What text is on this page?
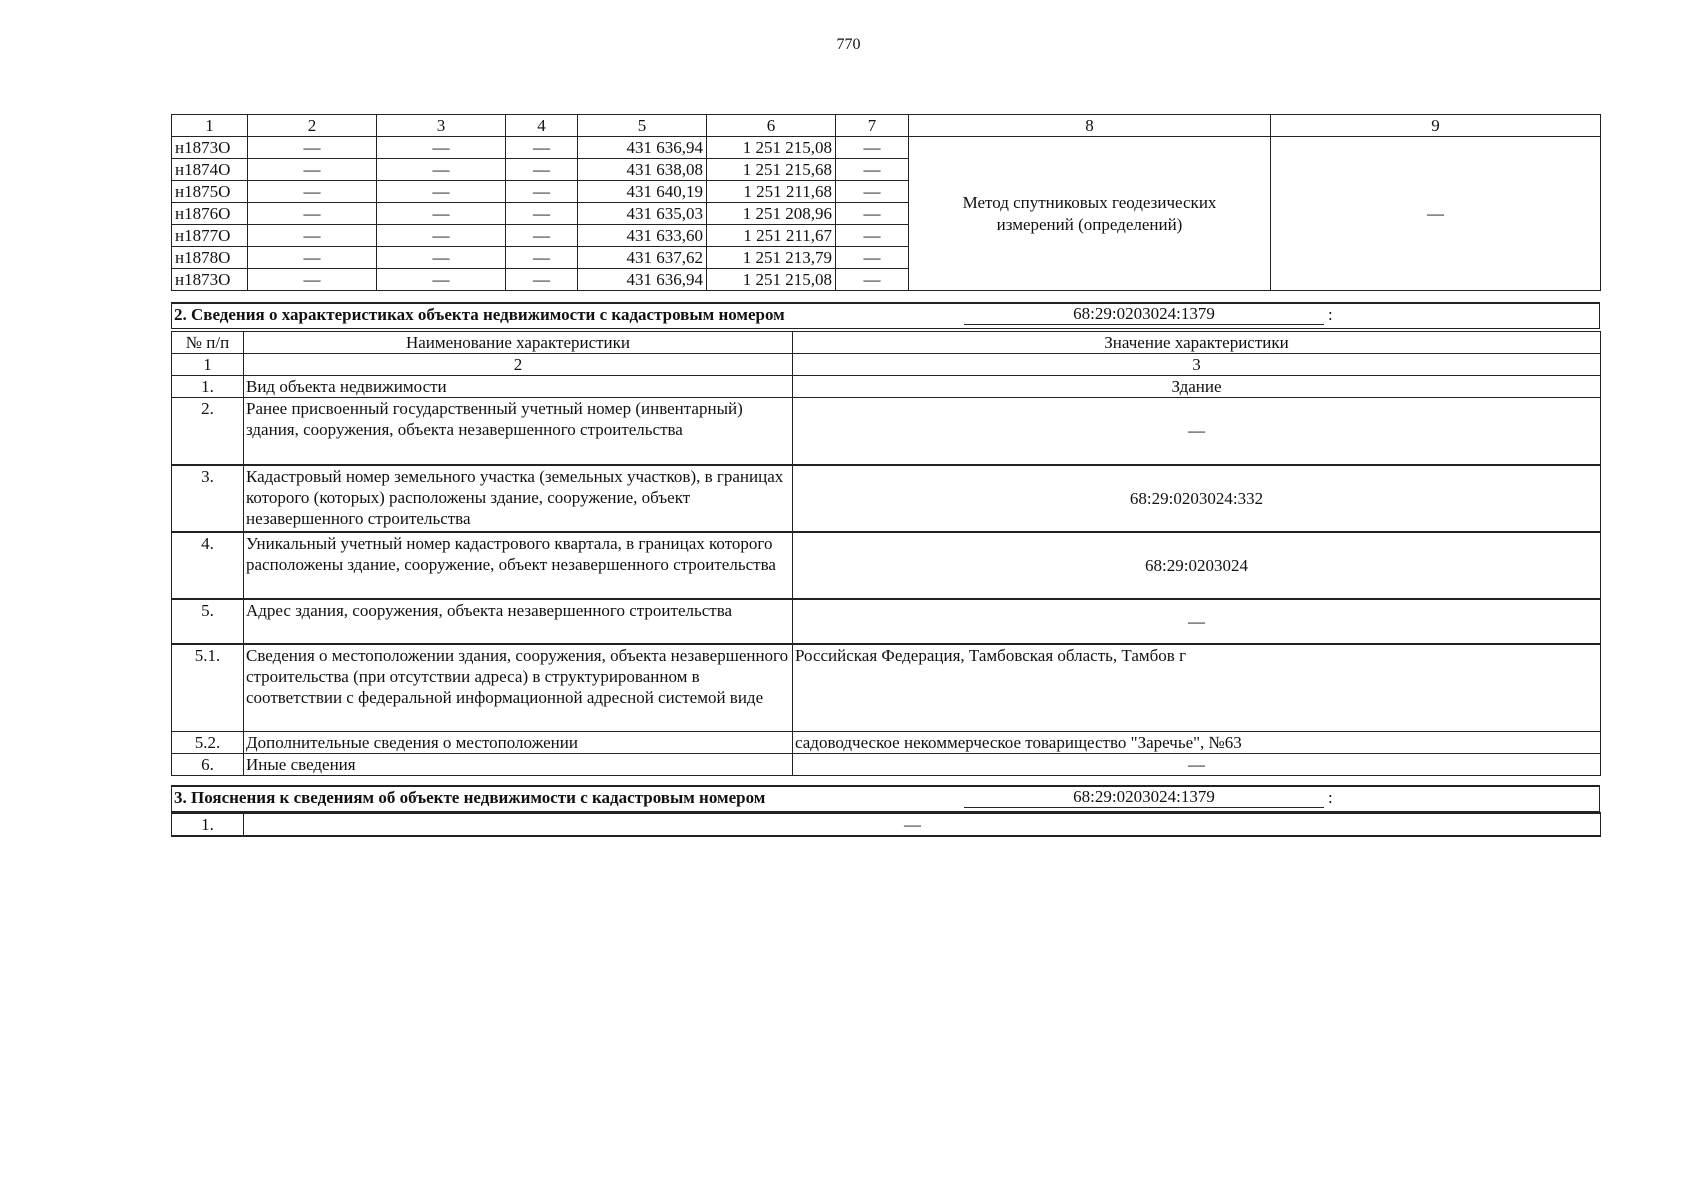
770
1	2	3	4	5	6	7	8	9
н1873О	—	—	—	431 636,94	1 251 215,08	—	Метод спутниковых геодезических измерений (определений)	—
н1874О	—	—	—	431 638,08	1 251 215,68	—		
н1875О	—	—	—	431 640,19	1 251 211,68	—		
н1876О	—	—	—	431 635,03	1 251 208,96	—		
н1877О	—	—	—	431 633,60	1 251 211,67	—		
н1878О	—	—	—	431 637,62	1 251 213,79	—		
н1873О	—	—	—	431 636,94	1 251 215,08	—		
2. Сведения о характеристиках объекта недвижимости с кадастровым номером	68:29:0203024:1379	:
№ п/п	Наименование характеристики	Значение характеристики
1	2	3
1.	Вид объекта недвижимости	Здание
2.	Ранее присвоенный государственный учетный номер (инвентарный) здания, сооружения, объекта незавершенного строительства	—
3.	Кадастровый номер земельного участка (земельных участков), в границах которого (которых) расположены здание, сооружение, объект незавершенного строительства	68:29:0203024:332
4.	Уникальный учетный номер кадастрового квартала, в границах которого расположены здание, сооружение, объект незавершенного строительства	68:29:0203024
5.	Адрес здания, сооружения, объекта незавершенного строительства	—
5.1.	Сведения о местоположении здания, сооружения, объекта незавершенного строительства (при отсутствии адреса) в структурированном в соответствии с федеральной информационной адресной системой виде	Российская Федерация, Тамбовская область, Тамбов г
5.2.	Дополнительные сведения о местоположении	садоводческое некоммерческое товарищество "Заречье", №63
6.	Иные сведения	—
3. Пояснения к сведениям об объекте недвижимости с кадастровым номером	68:29:0203024:1379	:
1.	—
